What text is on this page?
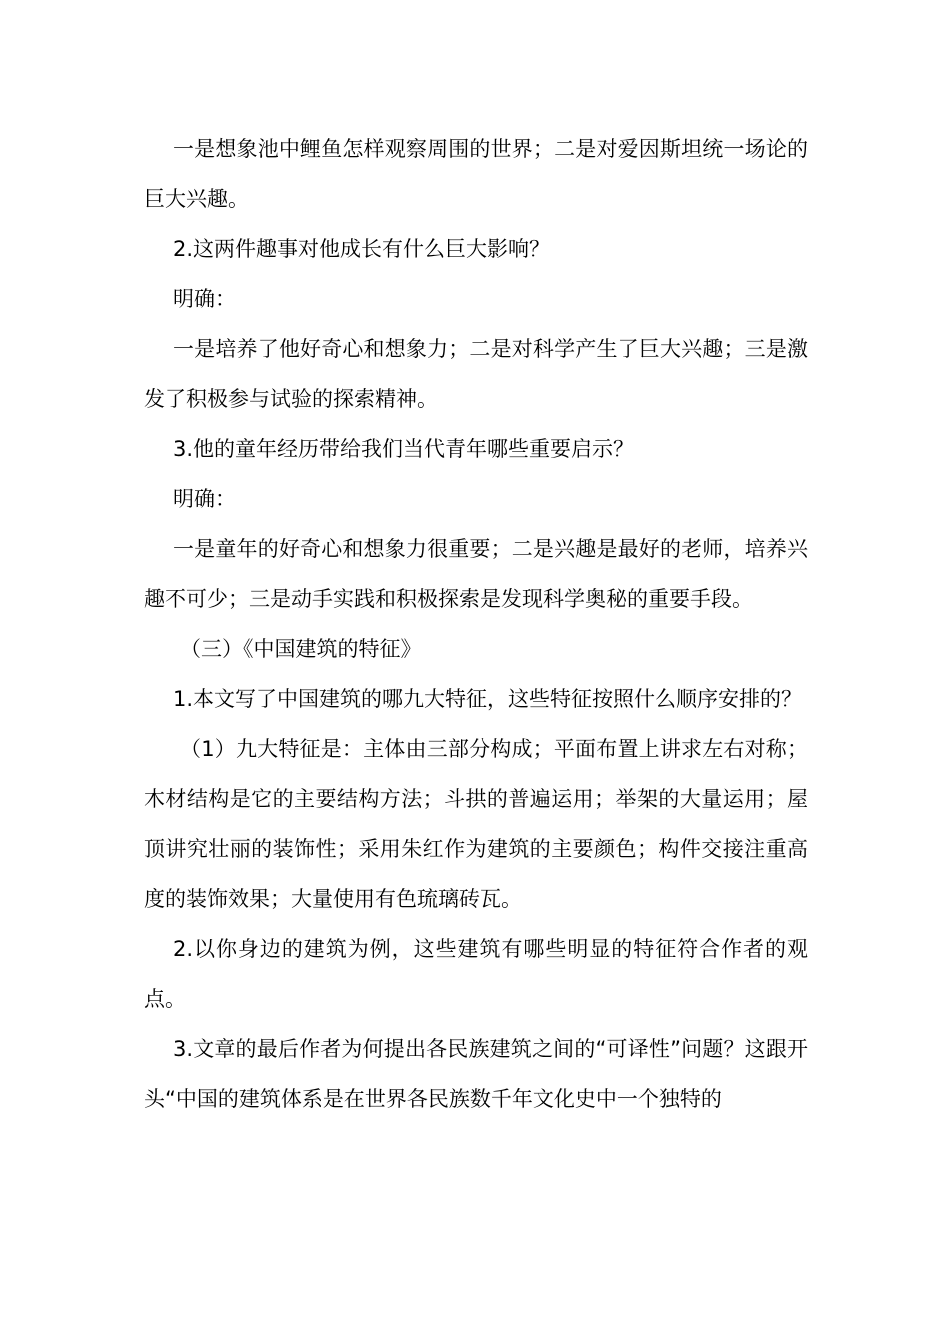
一是想象池中鲤鱼怎样观察周围的世界；二是对爱因斯坦统一场论的巨大兴趣。

2.这两件趣事对他成长有什么巨大影响？

明确：

一是培养了他好奇心和想象力；二是对科学产生了巨大兴趣；三是激发了积极参与试验的探索精神。

3.他的童年经历带给我们当代青年哪些重要启示？

明确：

一是童年的好奇心和想象力很重要；二是兴趣是最好的老师，培养兴趣不可少；三是动手实践和积极探索是发现科学奥秘的重要手段。

（三）《中国建筑的特征》

1.本文写了中国建筑的哪九大特征，这些特征按照什么顺序安排的？

（1）九大特征是：主体由三部分构成；平面布置上讲求左右对称；木材结构是它的主要结构方法；斗拱的普遍运用；举架的大量运用；屋顶讲究壮丽的装饰性；采用朱红作为建筑的主要颜色；构件交接注重高度的装饰效果；大量使用有色琉璃砖瓦。

2.以你身边的建筑为例，这些建筑有哪些明显的特征符合作者的观点。

3.文章的最后作者为何提出各民族建筑之间的“可译性”问题？这跟开头“中国的建筑体系是在世界各民族数千年文化史中一个独特的
